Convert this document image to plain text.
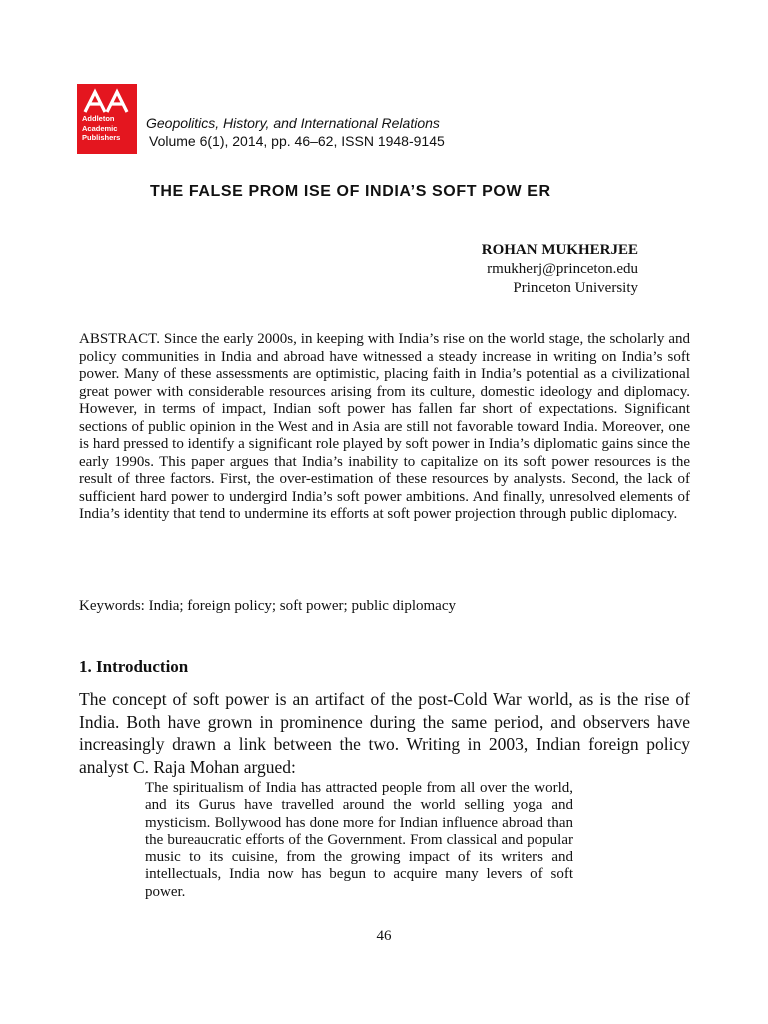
Addleton
Academic
Publishers
Geopolitics, History, and International Relations
Volume 6(1), 2014, pp. 46–62, ISSN 1948-9145
THE FALSE PROM ISE OF INDIA’S SOFT POW ER
ROHAN MUKHERJEE
rmukherj@princeton.edu
Princeton University

ABSTRACT. Since the early 2000s, in keeping with India’s rise on the world stage, the scholarly and policy communities in India and abroad have witnessed a steady increase in writing on India’s soft power. Many of these assessments are optimistic, placing faith in India’s potential as a civilizational great power with considerable resources arising from its culture, domestic ideology and diplomacy. However, in terms of impact, Indian soft power has fallen far short of expectations. Significant sections of public opinion in the West and in Asia are still not favorable toward India. Moreover, one is hard pressed to identify a significant role played by soft power in India’s diplomatic gains since the early 1990s. This paper argues that India’s inability to capitalize on its soft power resources is the result of three factors. First, the over-estimation of these resources by analysts. Second, the lack of sufficient hard power to undergird India’s soft power ambitions. And finally, unresolved elements of India’s identity that tend to undermine its efforts at soft power projection through public diplomacy.

Keywords: India; foreign policy; soft power; public diplomacy

1. Introduction

The concept of soft power is an artifact of the post-Cold War world, as is the rise of India. Both have grown in prominence during the same period, and observers have increasingly drawn a link between the two. Writing in 2003, Indian foreign policy analyst C. Raja Mohan argued:

The spiritualism of India has attracted people from all over the world, and its Gurus have travelled around the world selling yoga and mysticism. Bollywood has done more for Indian influence abroad than the bureaucratic efforts of the Government. From classical and popular music to its cuisine, from the growing impact of its writers and intellectuals, India now has begun to acquire many levers of soft power.
46
